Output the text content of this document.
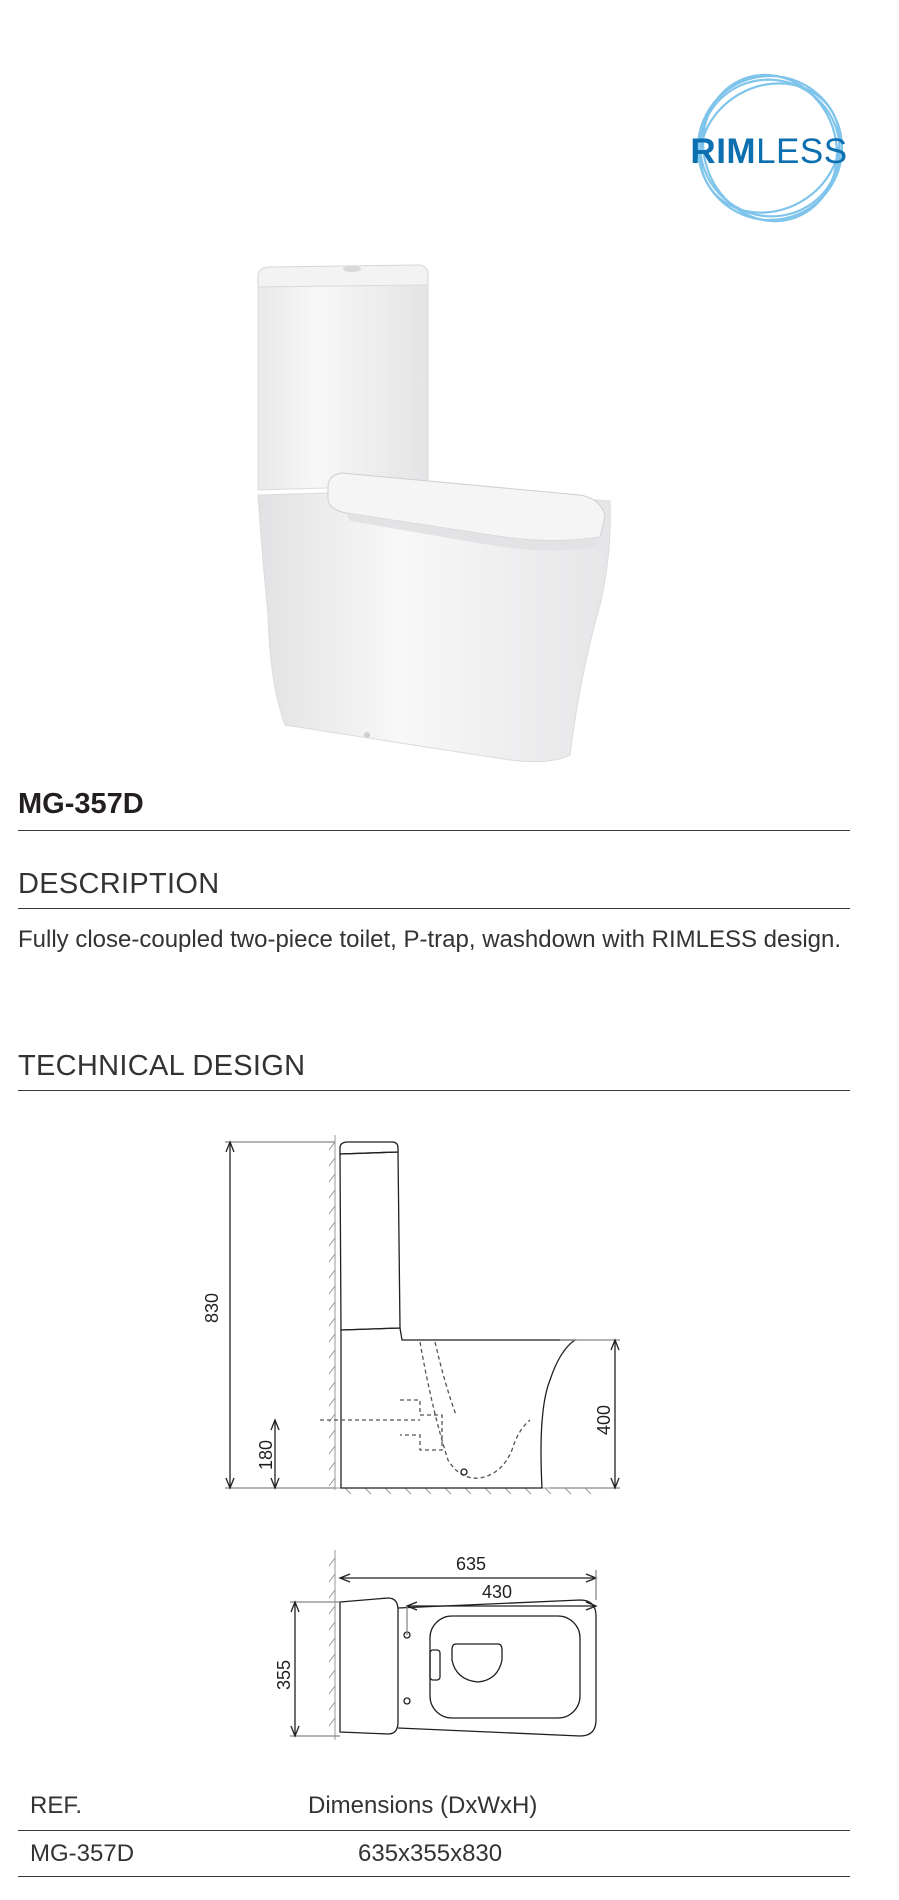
RIMLESS
MG-357D
DESCRIPTION
Fully close-coupled two-piece toilet, P-trap, washdown with RIMLESS design.
TECHNICAL DESIGN
830
180
400
635
430
355
REF.	Dimensions (DxWxH)
MG-357D	635x355x830
